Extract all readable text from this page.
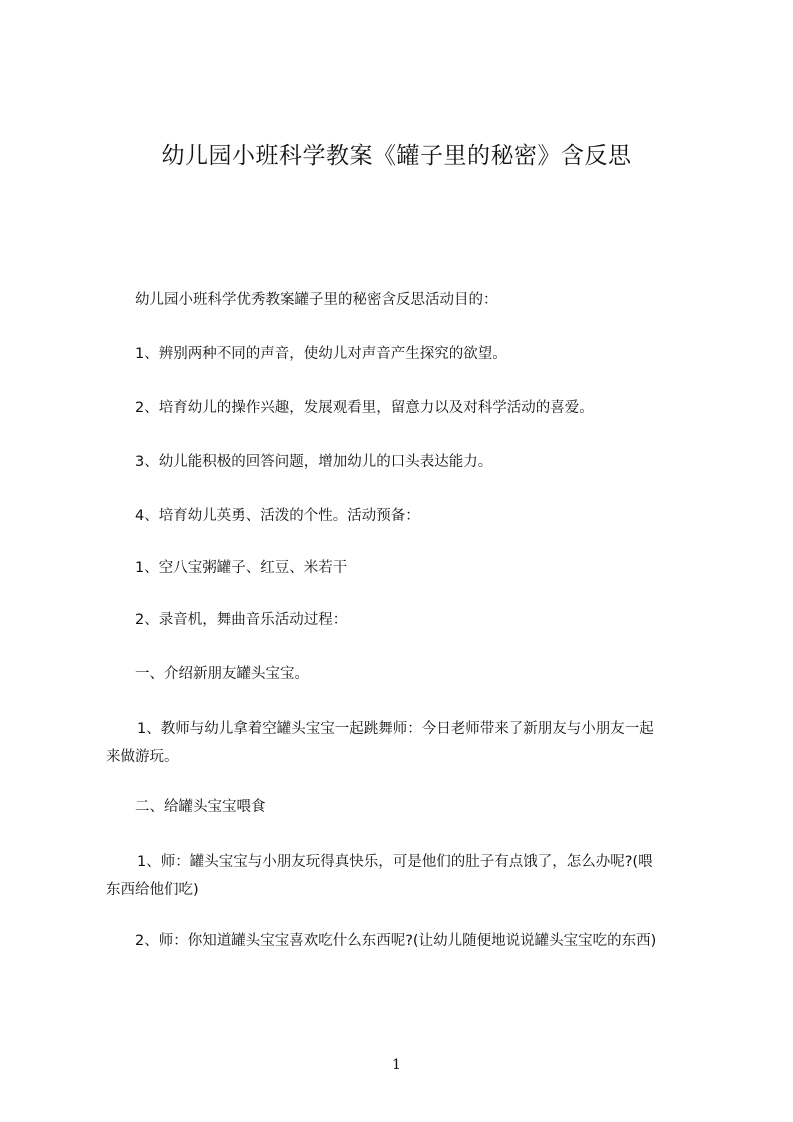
幼儿园小班科学教案《罐子里的秘密》含反思

幼儿园小班科学优秀教案罐子里的秘密含反思活动目的：

1、辨别两种不同的声音，使幼儿对声音产生探究的欲望。

2、培育幼儿的操作兴趣，发展观看里，留意力以及对科学活动的喜爱。

3、幼儿能积极的回答问题，增加幼儿的口头表达能力。

4、培育幼儿英勇、活泼的个性。活动预备：

1、空八宝粥罐子、红豆、米若干

2、录音机，舞曲音乐活动过程：

一、介绍新朋友罐头宝宝。

1、教师与幼儿拿着空罐头宝宝一起跳舞师：今日老师带来了新朋友与小朋友一起
来做游玩。

二、给罐头宝宝喂食

1、师：罐头宝宝与小朋友玩得真快乐，可是他们的肚子有点饿了，怎么办呢?(喂
东西给他们吃)

2、师：你知道罐头宝宝喜欢吃什么东西呢?(让幼儿随便地说说罐头宝宝吃的东西)

1
